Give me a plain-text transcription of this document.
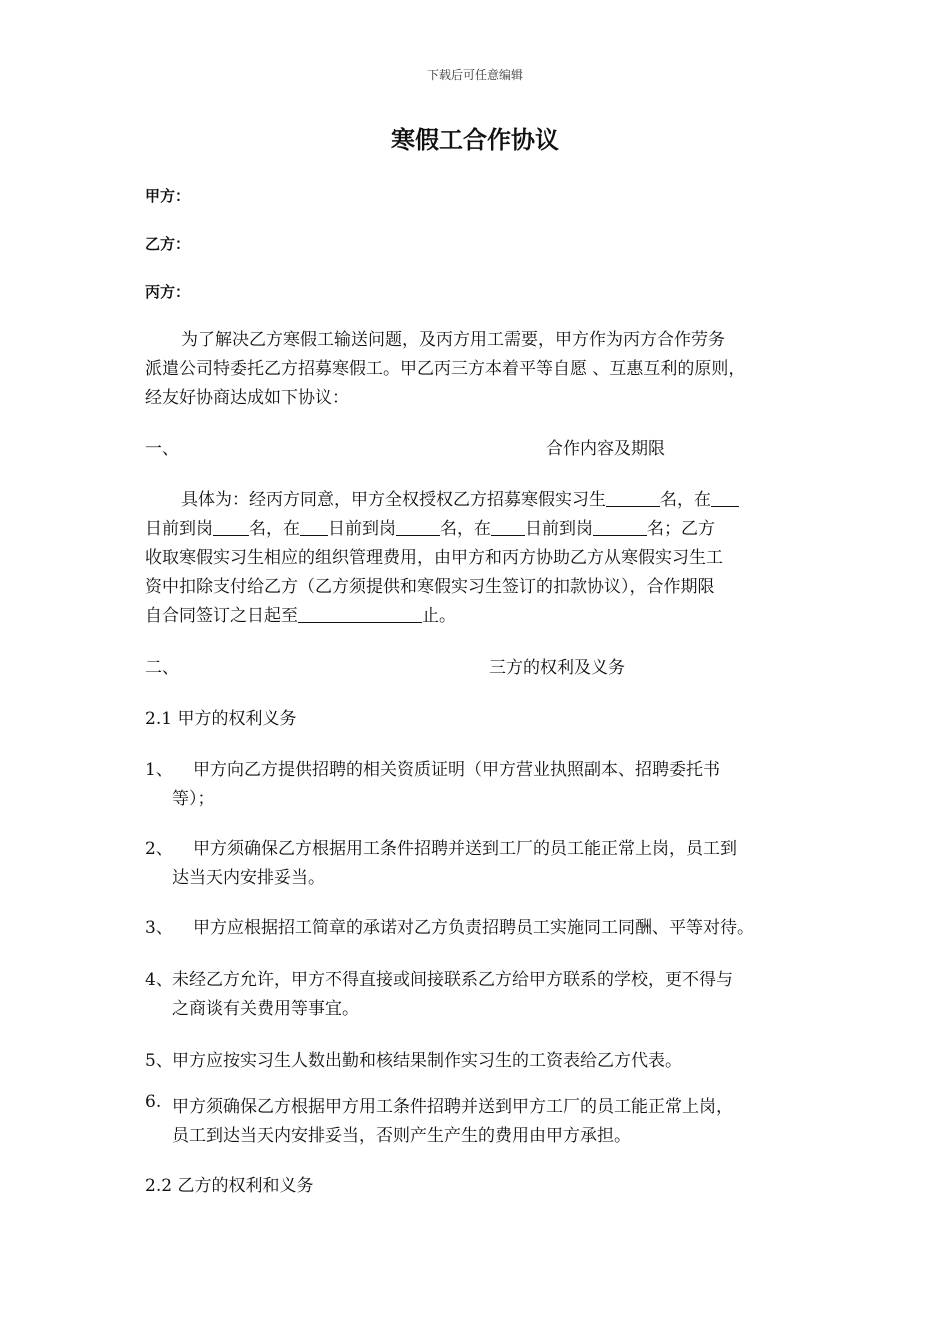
下载后可任意编辑
寒假工合作协议
甲方：
乙方：
丙方：
为了解决乙方寒假工输送问题，及丙方用工需要，甲方作为丙方合作劳务
派遣公司特委托乙方招募寒假工。甲乙丙三方本着平等自愿 、互惠互利的原则，
经友好协商达成如下协议：
一、	合作内容及期限
具体为：经丙方同意，甲方全权授权乙方招募寒假实习生	名，在
日前到岗 名，在 日前到岗	名，在 日前到岗	名；乙方
收取寒假实习生相应的组织管理费用，由甲方和丙方协助乙方从寒假实习生工
资中扣除支付给乙方（乙方须提供和寒假实习生签订的扣款协议），合作期限
自合同签订之日起至	止。
二、	三方的权利及义务
2.1 甲方的权利义务
1、 甲方向乙方提供招聘的相关资质证明（甲方营业执照副本、招聘委托书
等）；
2、 甲方须确保乙方根据用工条件招聘并送到工厂的员工能正常上岗，员工到
达当天内安排妥当。
3、 甲方应根据招工简章的承诺对乙方负责招聘员工实施同工同酬、平等对待。
4、 未经乙方允许，甲方不得直接或间接联系乙方给甲方联系的学校，更不得与
之商谈有关费用等事宜。
5、 甲方应按实习生人数出勤和核结果制作实习生的工资表给乙方代表。
6. 甲方须确保乙方根据甲方用工条件招聘并送到甲方工厂的员工能正常上岗，
员工到达当天内安排妥当，否则产生产生的费用由甲方承担。
2.2 乙方的权利和义务
